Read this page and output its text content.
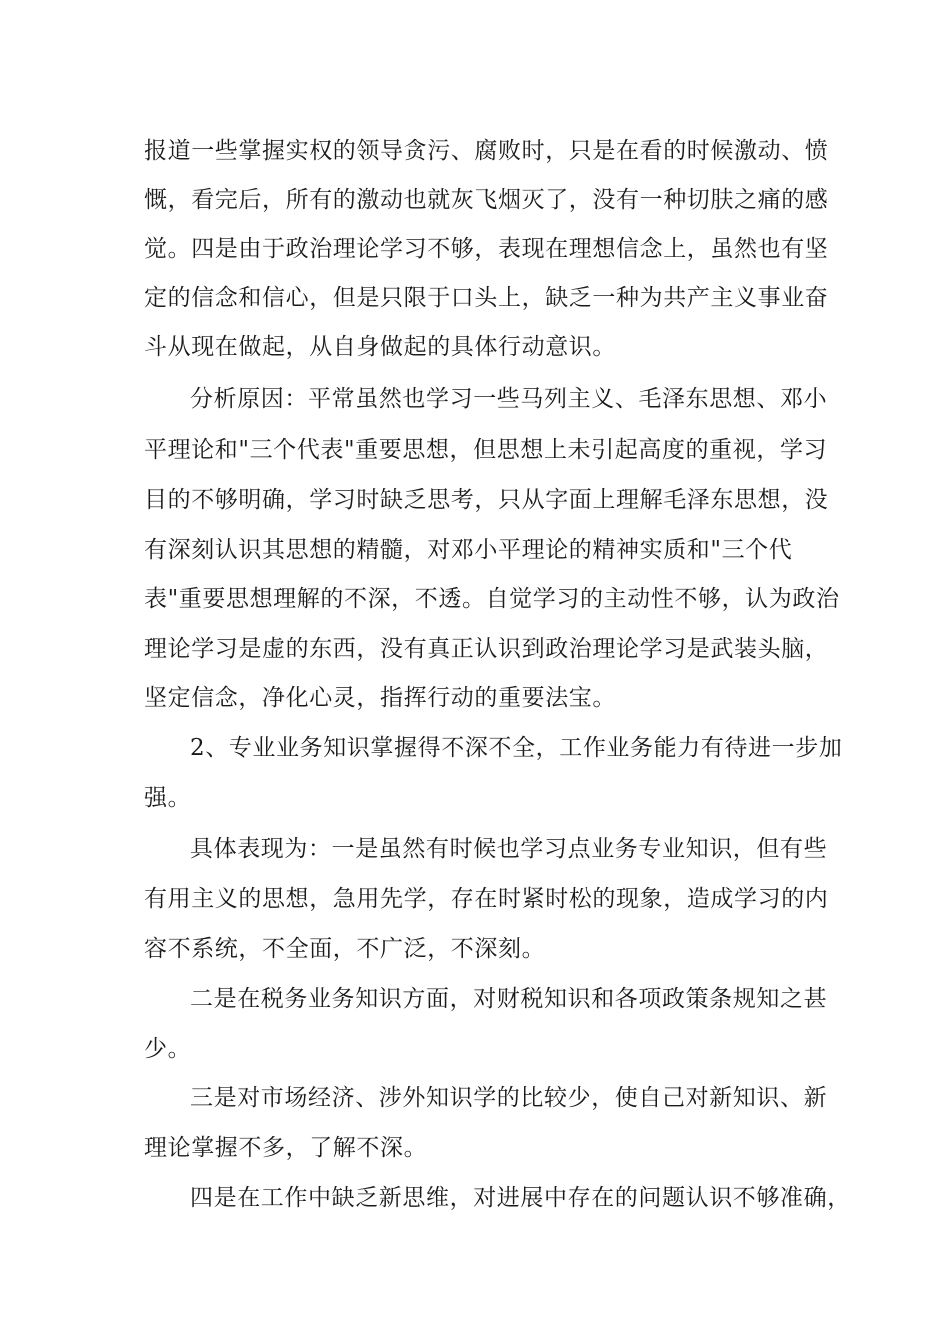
报道一些掌握实权的领导贪污、腐败时，只是在看的时候激动、愤

慨，看完后，所有的激动也就灰飞烟灭了，没有一种切肤之痛的感

觉。四是由于政治理论学习不够，表现在理想信念上，虽然也有坚

定的信念和信心，但是只限于口头上，缺乏一种为共产主义事业奋

斗从现在做起，从自身做起的具体行动意识。

分析原因：平常虽然也学习一些马列主义、毛泽东思想、邓小

平理论和"三个代表"重要思想，但思想上未引起高度的重视，学习

目的不够明确，学习时缺乏思考，只从字面上理解毛泽东思想，没

有深刻认识其思想的精髓，对邓小平理论的精神实质和"三个代

表"重要思想理解的不深，不透。自觉学习的主动性不够，认为政治

理论学习是虚的东西，没有真正认识到政治理论学习是武装头脑，

坚定信念，净化心灵，指挥行动的重要法宝。

2、专业业务知识掌握得不深不全，工作业务能力有待进一步加

强。

具体表现为：一是虽然有时候也学习点业务专业知识，但有些

有用主义的思想，急用先学，存在时紧时松的现象，造成学习的内

容不系统，不全面，不广泛，不深刻。

二是在税务业务知识方面，对财税知识和各项政策条规知之甚

少。

三是对市场经济、涉外知识学的比较少，使自己对新知识、新

理论掌握不多，了解不深。

四是在工作中缺乏新思维，对进展中存在的问题认识不够准确，
